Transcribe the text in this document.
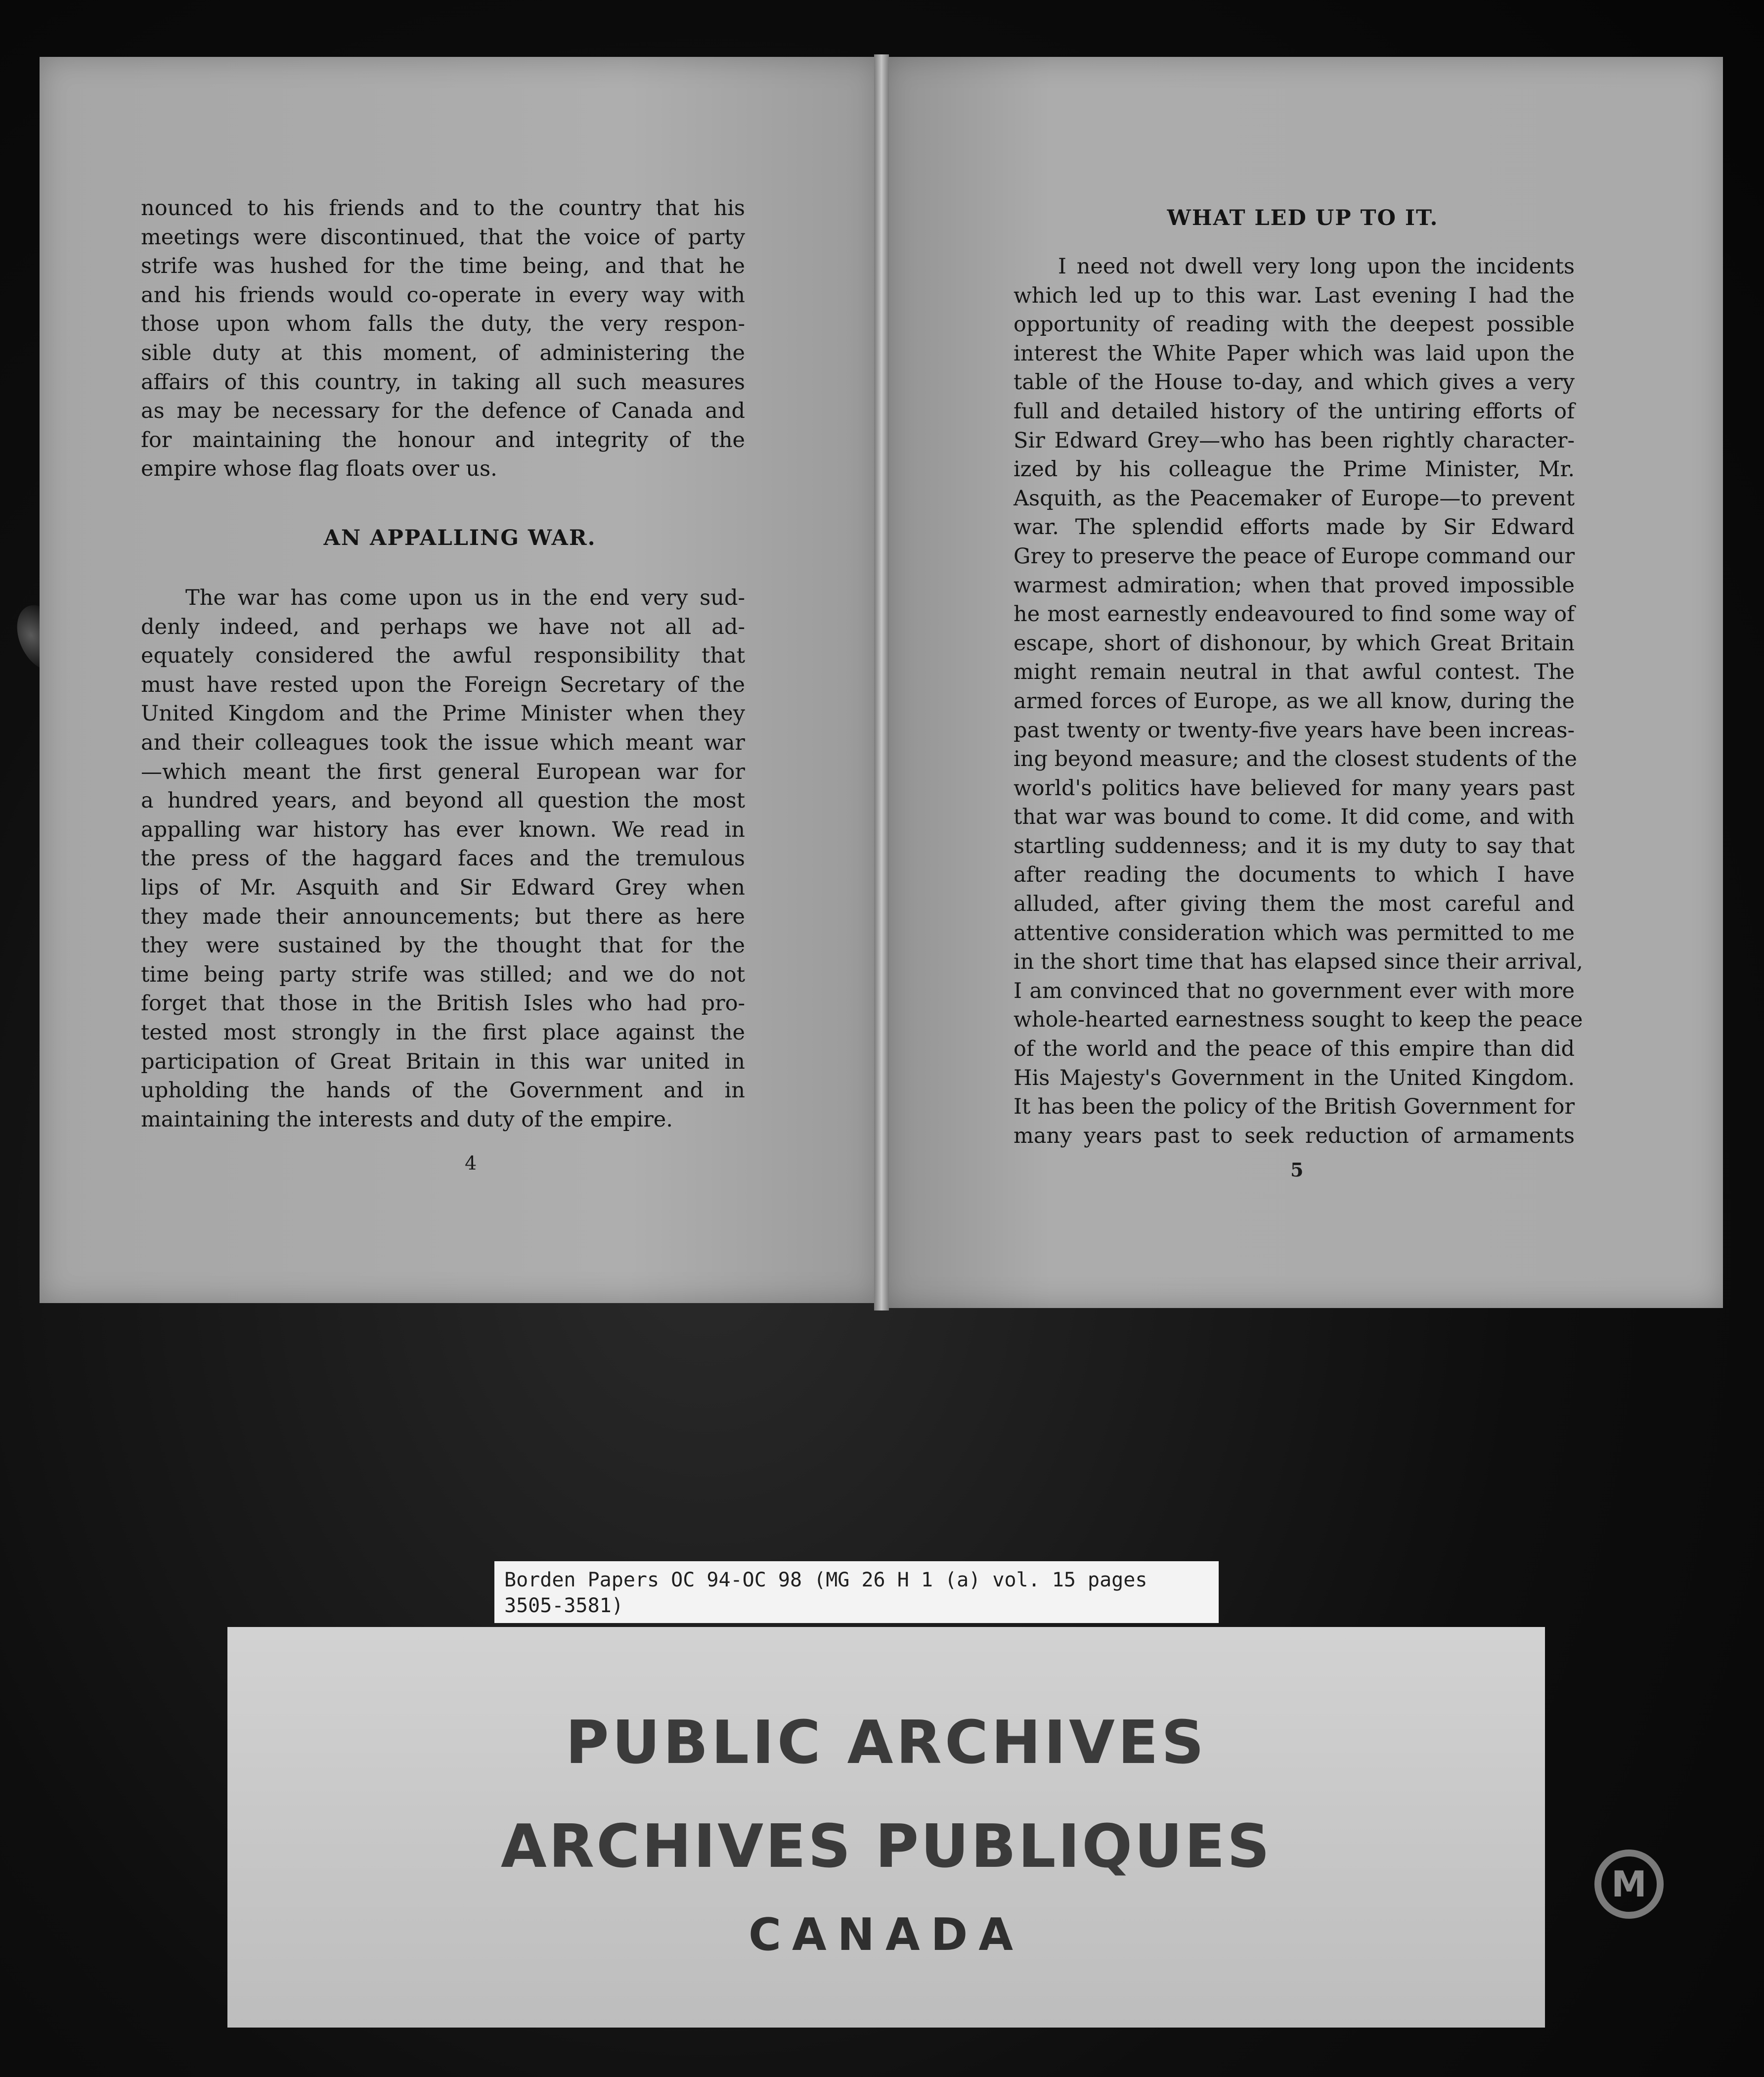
nounced to his friends and to the country that his
meetings were discontinued, that the voice of party
strife was hushed for the time being, and that he
and his friends would co-operate in every way with
those upon whom falls the duty, the very respon-
sible duty at this moment, of administering the
affairs of this country, in taking all such measures
as may be necessary for the defence of Canada and
for maintaining the honour and integrity of the
empire whose flag floats over us.
AN APPALLING WAR.
The war has come upon us in the end very sud-
denly indeed, and perhaps we have not all ad-
equately considered the awful responsibility that
must have rested upon the Foreign Secretary of the
United Kingdom and the Prime Minister when they
and their colleagues took the issue which meant war
—which meant the first general European war for
a hundred years, and beyond all question the most
appalling war history has ever known. We read in
the press of the haggard faces and the tremulous
lips of Mr. Asquith and Sir Edward Grey when
they made their announcements; but there as here
they were sustained by the thought that for the
time being party strife was stilled; and we do not
forget that those in the British Isles who had pro-
tested most strongly in the first place against the
participation of Great Britain in this war united in
upholding the hands of the Government and in
maintaining the interests and duty of the empire.
4
WHAT LED UP TO IT.
I need not dwell very long upon the incidents
which led up to this war. Last evening I had the
opportunity of reading with the deepest possible
interest the White Paper which was laid upon the
table of the House to-day, and which gives a very
full and detailed history of the untiring efforts of
Sir Edward Grey—who has been rightly character-
ized by his colleague the Prime Minister, Mr.
Asquith, as the Peacemaker of Europe—to prevent
war. The splendid efforts made by Sir Edward
Grey to preserve the peace of Europe command our
warmest admiration; when that proved impossible
he most earnestly endeavoured to find some way of
escape, short of dishonour, by which Great Britain
might remain neutral in that awful contest. The
armed forces of Europe, as we all know, during the
past twenty or twenty-five years have been increas-
ing beyond measure; and the closest students of the
world's politics have believed for many years past
that war was bound to come. It did come, and with
startling suddenness; and it is my duty to say that
after reading the documents to which I have
alluded, after giving them the most careful and
attentive consideration which was permitted to me
in the short time that has elapsed since their arrival,
I am convinced that no government ever with more
whole-hearted earnestness sought to keep the peace
of the world and the peace of this empire than did
His Majesty's Government in the United Kingdom.
It has been the policy of the British Government for
many years past to seek reduction of armaments
5
Borden Papers OC 94-OC 98 (MG 26 H 1 (a) vol. 15 pages
3505-3581)
PUBLIC ARCHIVES
ARCHIVES PUBLIQUES
CANADA
M
